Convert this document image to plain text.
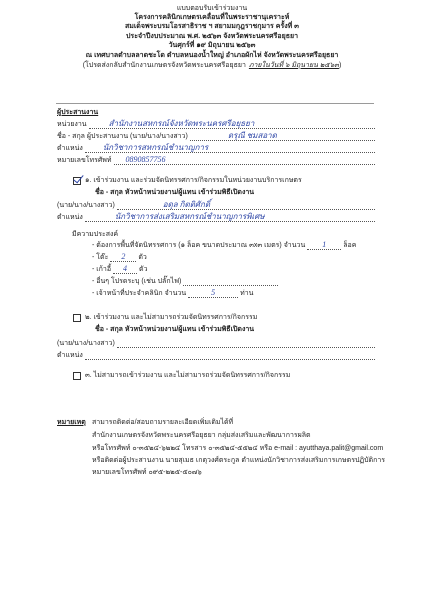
แบบตอบรับเข้าร่วมงาน
โครงการคลินิกเกษตรเคลื่อนที่ในพระราชานุเคราะห์
สมเด็จพระบรมโอรสาธิราช ฯ สยามมกุฎราชกุมาร ครั้งที่ ๓
ประจำปีงบประมาณ พ.ศ. ๒๕๖๓ จังหวัดพระนครศรีอยุธยา
วันศุกร์ที่ ๑๙ มิถุนายน ๒๕๖๓
ณ เทศบาลตำบลลาดชะโด ตำบลหนองน้ำใหญ่ อำเภอผักไห่ จังหวัดพระนครศรีอยุธยา
(โปรดส่งกลับสำนักงานเกษตรจังหวัดพระนครศรีอยุธยา ภายในวันที่ ๖ มิถุนายน ๒๕๖๓)
ผู้ประสานงาน
หน่วยงาน	สำนักงานสหกรณ์จังหวัดพระนครศรีอยุธยา
ชื่อ - สกุล ผู้ประสานงาน (นาย/นาง/นางสาว)	ดรุณี ชมสอาด
ตำแหน่ง	นักวิชาการสหกรณ์ชำนาญการ
หมายเลขโทรศัพท์ 0890857756
๑. เข้าร่วมงาน และร่วมจัดนิทรรศการ/กิจกรรมในหน่วยงานบริการเกษตร
ชื่อ - สกุล หัวหน้าหน่วยงาน/ผู้แทน เข้าร่วมพิธีเปิดงาน
(นาย/นาง/นางสาว)	อดุล กิตติศักดิ์
ตำแหน่ง	นักวิชาการส่งเสริมสหกรณ์ชำนาญการพิเศษ
มีความประสงค์
- ต้องการพื้นที่จัดนิทรรศการ (๑ ล็อค ขนาดประมาณ ๓x๓ เมตร) จำนวน	1	ล็อค
- โต๊ะ	2	ตัว
- เก้าอี้	4	ตัว
- อื่นๆ โปรดระบุ (เช่น ปลั๊กไฟ)
- เจ้าหน้าที่ประจำคลินิก จำนวน	5	ท่าน
๒. เข้าร่วมงาน และไม่สามารถร่วมจัดนิทรรศการ/กิจกรรม
ชื่อ - สกุล หัวหน้าหน่วยงาน/ผู้แทน เข้าร่วมพิธีเปิดงาน
(นาย/นาง/นางสาว)
ตำแหน่ง
๓. ไม่สามารถเข้าร่วมงาน และไม่สามารถร่วมจัดนิทรรศการ/กิจกรรม
หมายเหตุ สามารถติดต่อ/สอบถามรายละเอียดเพิ่มเติมได้ที่
สำนักงานเกษตรจังหวัดพระนครศรีอยุธยา กลุ่มส่งเสริมและพัฒนาการผลิต
หรือโทรศัพท์ ๐-๓๕๒๔-๖๒๒๔ โทรสาร ๐-๓๕๒๔-๕๕๒๔ หรือ e-mail : ayutthaya.palit@gmail.com
หรือติดต่อผู้ประสานงาน นายสุเมธ เกตุวงศ์ตระกูล ตำแหน่งนักวิชาการส่งเสริมการเกษตรปฏิบัติการ
หมายเลขโทรศัพท์ ๐๙๕-๒๒๕-๕๐๗๖
